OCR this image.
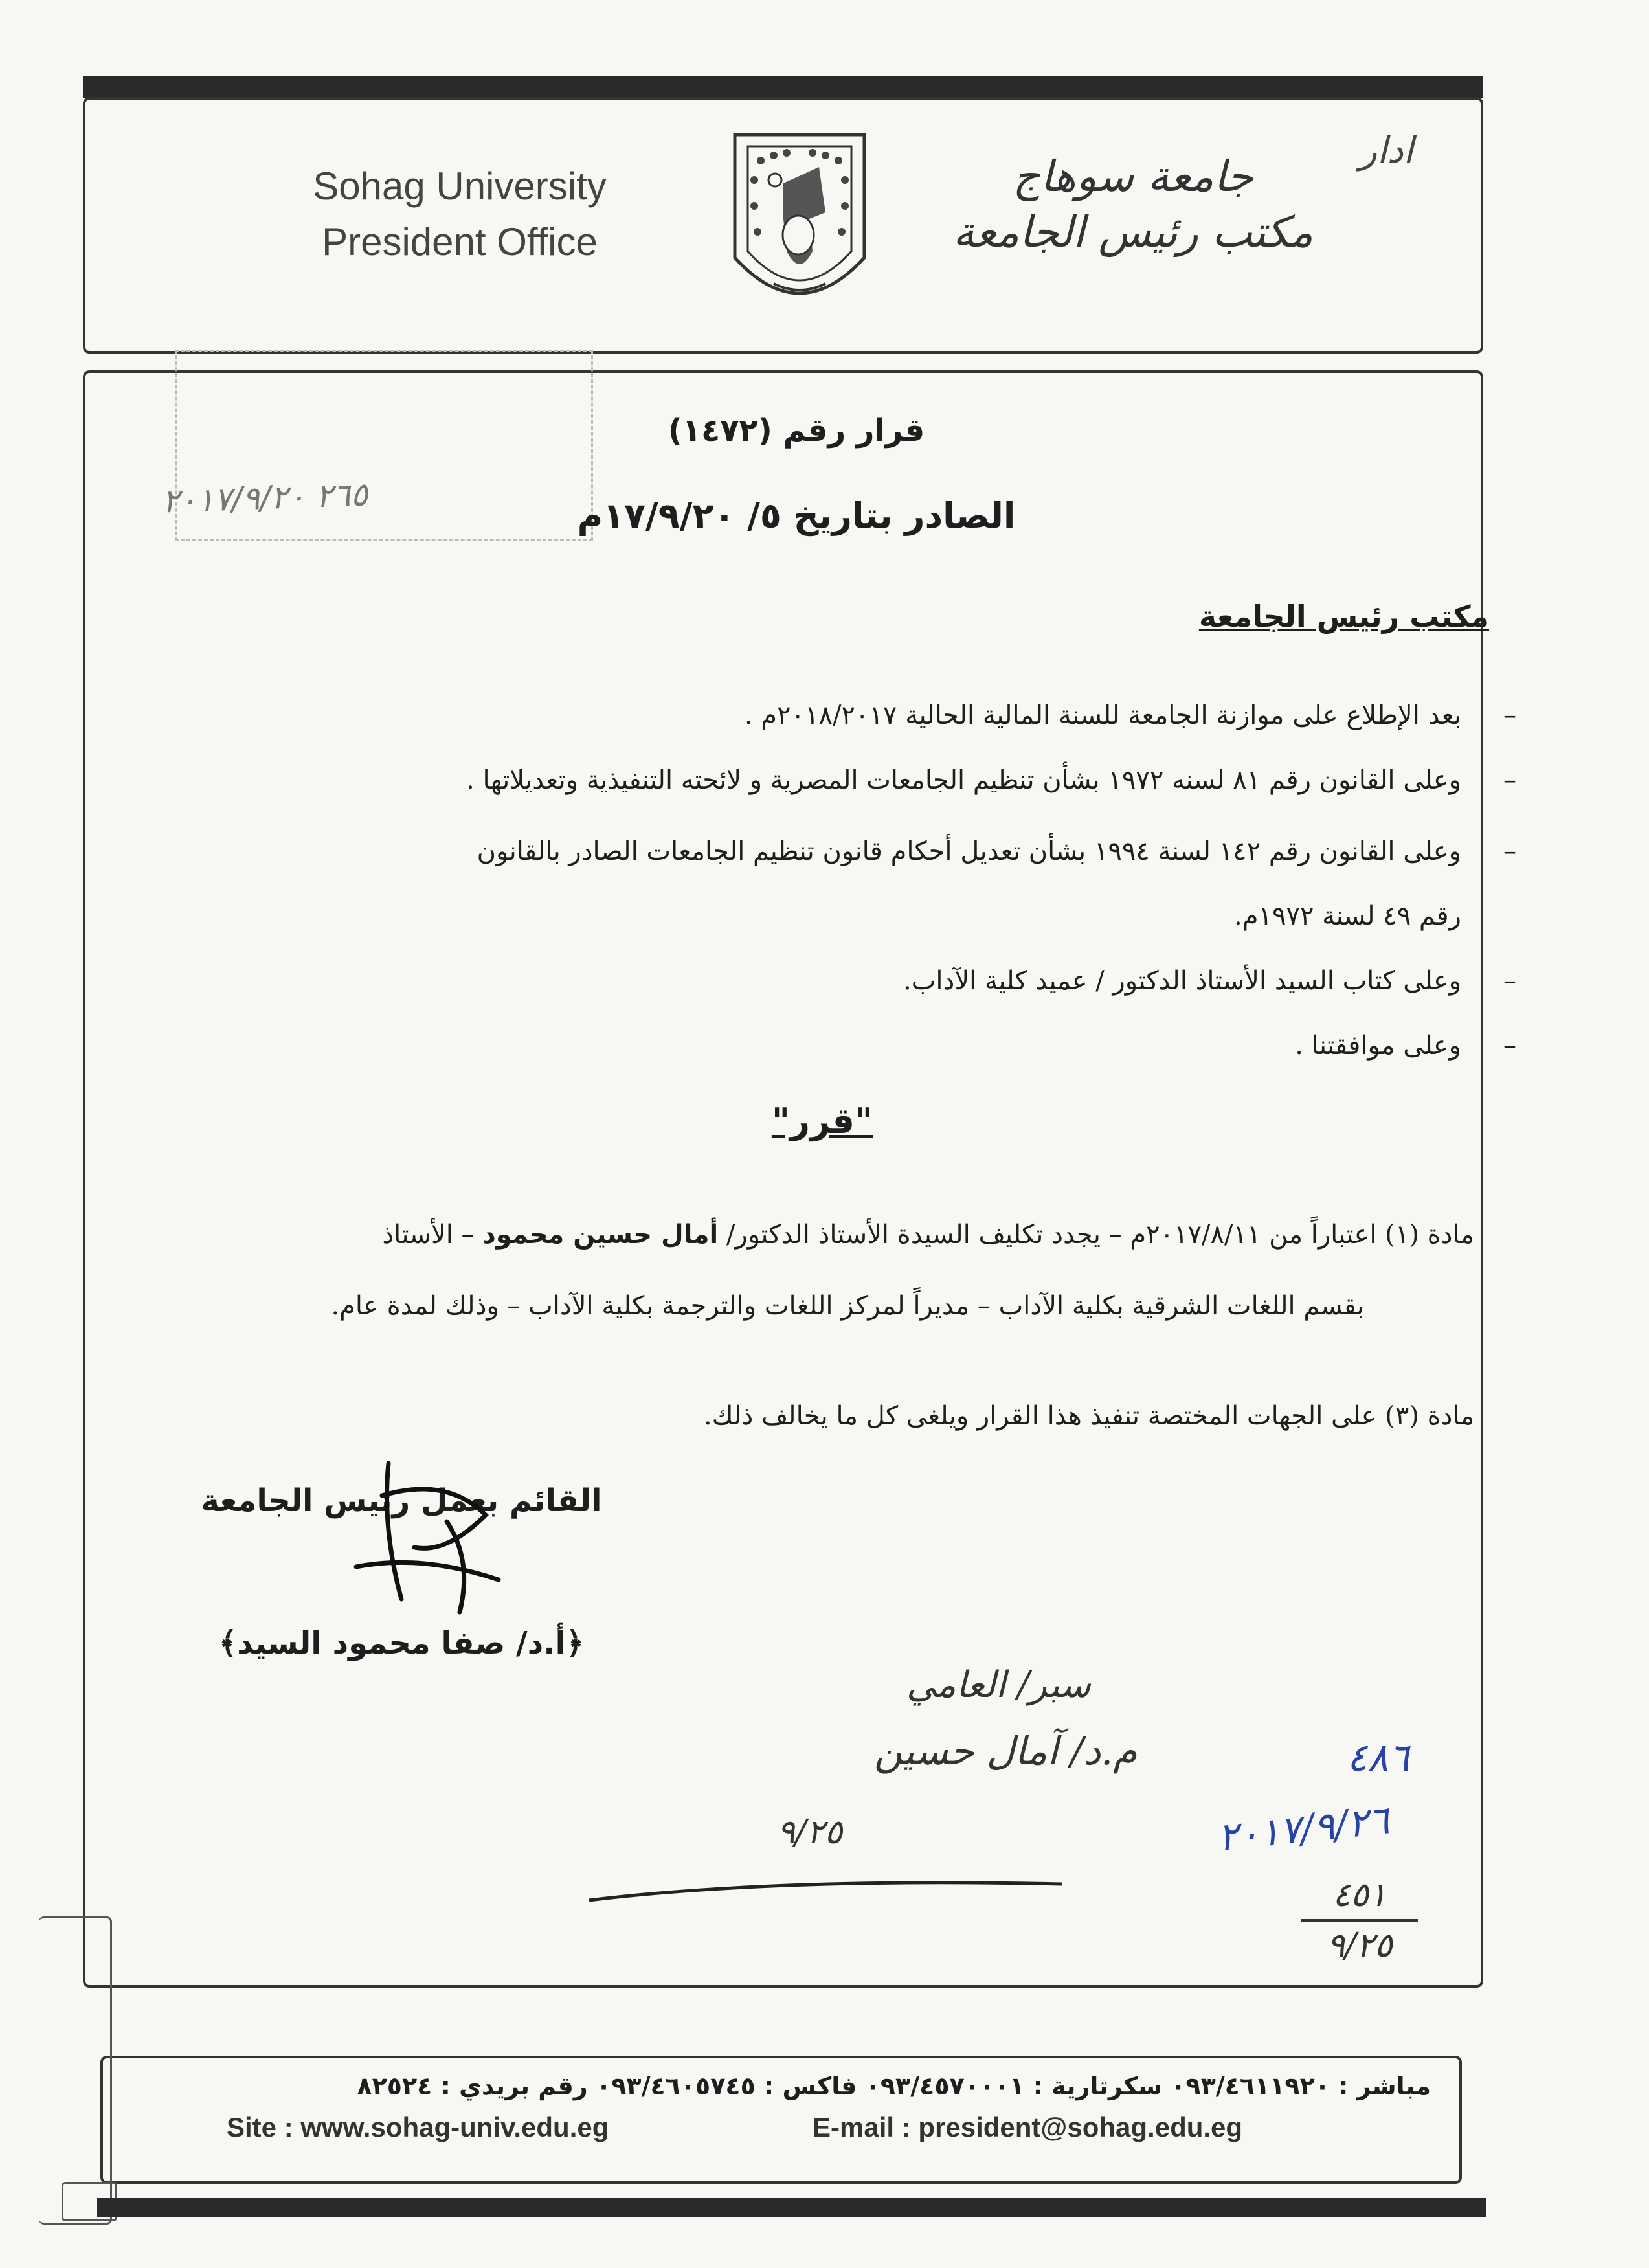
Sohag University
President Office
جامعة سوهاج
مكتب رئيس الجامعة
ادار
قرار رقم (١٤٧٢)
الصادر بتاريخ ٥/ ١٧/٩/٢٠م
٢٦٥ ٢٠١٧/٩/٢٠
مكتب رئيس الجامعة
–
بعد الإطلاع على موازنة الجامعة للسنة المالية الحالية ٢٠١٨/٢٠١٧م .
–
وعلى القانون رقم ٨١ لسنه ١٩٧٢ بشأن تنظيم الجامعات المصرية و لائحته التنفيذية وتعديلاتها .
–
وعلى القانون رقم ١٤٢ لسنة ١٩٩٤ بشأن تعديل أحكام قانون تنظيم الجامعات الصادر بالقانون
رقم ٤٩ لسنة ١٩٧٢م.
–
وعلى كتاب السيد الأستاذ الدكتور / عميد كلية الآداب.
–
وعلى موافقتنا .
"قرر"
مادة (١) اعتباراً من ٢٠١٧/٨/١١م – يجدد تكليف السيدة الأستاذ الدكتور/ أمال حسين محمود – الأستاذ
بقسم اللغات الشرقية بكلية الآداب – مديراً لمركز اللغات والترجمة بكلية الآداب – وذلك لمدة عام.
مادة (٣) على الجهات المختصة تنفيذ هذا القرار ويلغى كل ما يخالف ذلك.
القائم بعمل رئيس الجامعة
﴿أ.د/ صفا محمود السيد﴾
سبر/ العامي
م.د/ آمال حسين
٩/٢٥
٤٨٦
٢٠١٧/٩/٢٦
٤٥١
٩/٢٥
مباشر : ٠٩٣/٤٦١١٩٢٠ سكرتارية : ٠٩٣/٤٥٧٠٠٠١ فاكس : ٠٩٣/٤٦٠٥٧٤٥ رقم بريدي : ٨٢٥٢٤
Site : www.sohag-univ.edu.eg	E-mail : president@sohag.edu.eg
